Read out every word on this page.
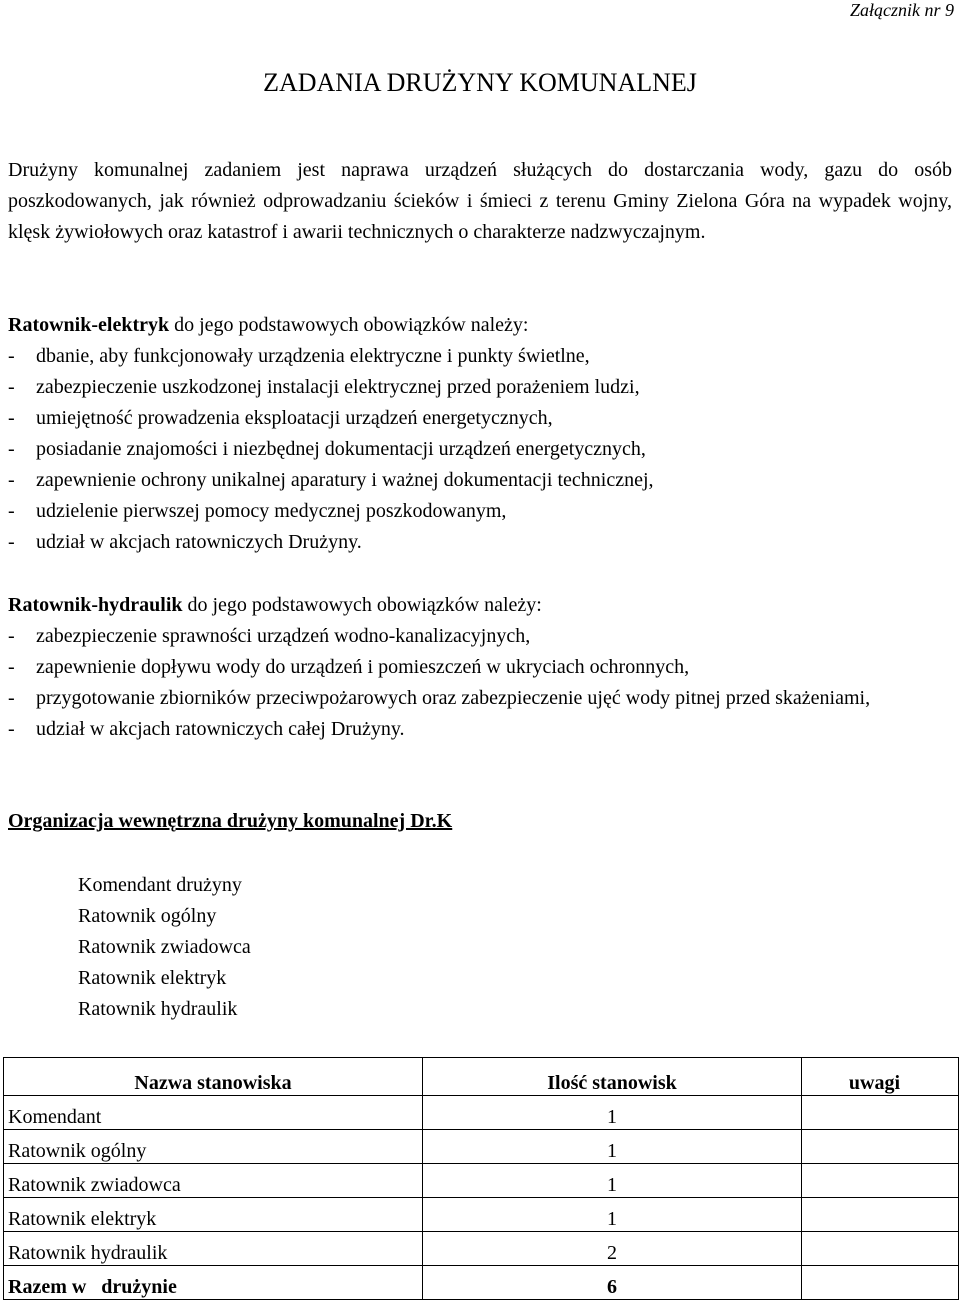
Załącznik nr 9
ZADANIA DRUŻYNY KOMUNALNEJ

Drużyny komunalnej zadaniem jest naprawa urządzeń służących do dostarczania wody, gazu do osób poszkodowanych, jak również odprowadzaniu ścieków i śmieci z terenu Gminy Zielona Góra na wypadek wojny, klęsk żywiołowych oraz katastrof i awarii technicznych o charakterze nadzwyczajnym.

Ratownik-elektryk do jego podstawowych obowiązków należy:

- dbanie, aby funkcjonowały urządzenia elektryczne i punkty świetlne,
- zabezpieczenie uszkodzonej instalacji elektrycznej przed porażeniem ludzi,
- umiejętność prowadzenia eksploatacji urządzeń energetycznych,
- posiadanie znajomości i niezbędnej dokumentacji urządzeń energetycznych,
- zapewnienie ochrony unikalnej aparatury i ważnej dokumentacji technicznej,
- udzielenie pierwszej pomocy medycznej poszkodowanym,
- udział w akcjach ratowniczych Drużyny.

Ratownik-hydraulik do jego podstawowych obowiązków należy:

- zabezpieczenie sprawności urządzeń wodno-kanalizacyjnych,
- zapewnienie dopływu wody do urządzeń i pomieszczeń w ukryciach ochronnych,
- przygotowanie zbiorników przeciwpożarowych oraz zabezpieczenie ujęć wody pitnej przed skażeniami,
- udział w akcjach ratowniczych całej Drużyny.
Organizacja wewnętrzna drużyny komunalnej Dr.K
Komendant drużyny
Ratownik ogólny
Ratownik zwiadowca
Ratownik elektryk
Ratownik hydraulik
Nazwa stanowiska	Ilość stanowisk	uwagi
Komendant	1	
Ratownik ogólny	1	
Ratownik zwiadowca	1	
Ratownik elektryk	1	
Ratownik hydraulik	2	
Razem w   drużynie	6	
